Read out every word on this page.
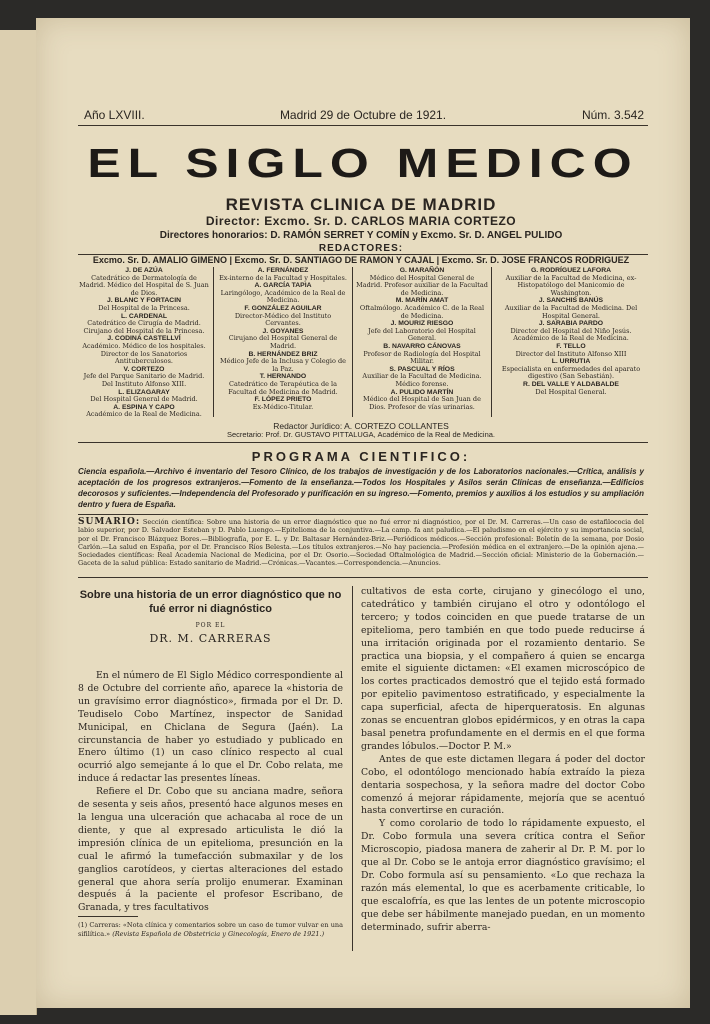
Año LXVIII.	Madrid 29 de Octubre de 1921.	Núm. 3.542
EL SIGLO MEDICO
REVISTA CLINICA DE MADRID
Director: Excmo. Sr. D. CARLOS MARIA CORTEZO
Directores honorarios: D. RAMÓN SERRET Y COMÍN y Excmo. Sr. D. ANGEL PULIDO
REDACTORES:
Excmo. Sr. D. AMALIO GIMENO | Excmo. Sr. D. SANTIAGO DE RAMON Y CAJAL | Excmo. Sr. D. JOSE FRANCOS RODRIGUEZ
J. DE AZÚA
Catedrático de Dermatología de Madrid. Médico del Hospital de S. Juan de Dios.
J. BLANC Y FORTACIN
Del Hospital de la Princesa.
L. CARDENAL
Catedrático de Cirugía de Madrid. Cirujano del Hospital de la Princesa.
J. CODINA CASTELLVÍ
Académico. Médico de los hospitales. Director de los Sanatorios Antituberculosos.
V. CORTEZO
Jefe del Parque Sanitario de Madrid. Del Instituto Alfonso XIII.
L. ELIZAGARAY
Del Hospital General de Madrid.
A. ESPINA Y CAPO
Académico de la Real de Medicina.
A. FERNÁNDEZ
Ex-interno de la Facultad y Hospitales.
A. GARCÍA TAPIA
Laringólogo, Académico de la Real de Medicina.
F. GONZÁLEZ AGUILAR
Director-Médico del Instituto Cervantes.
J. GOYANES
Cirujano del Hospital General de Madrid.
B. HERNÁNDEZ BRIZ
Médico Jefe de la Inclusa y Colegio de la Paz.
T. HERNANDO
Catedrático de Terapéutica de la Facultad de Medicina de Madrid.
F. LÓPEZ PRIETO
Ex-Médico-Titular.
G. MARAÑÓN
Médico del Hospital General de Madrid. Profesor auxiliar de la Facultad de Medicina.
M. MARÍN AMAT
Oftalmólogo. Académico C. de la Real de Medicina.
J. MOURIZ RIESGO
Jefe del Laboratorio del Hospital General.
B. NAVARRO CÁNOVAS
Profesor de Radiología del Hospital Militar.
S. PASCUAL Y RÍOS
Auxiliar de la Facultad de Medicina. Médico forense.
A. PULIDO MARTÍN
Médico del Hospital de San Juan de Dios. Profesor de vías urinarias.
G. RODRÍGUEZ LAFORA
Auxiliar de la Facultad de Medicina, ex-Histopatólogo del Manicomio de Washington.
J. SANCHIS BANÚS
Auxiliar de la Facultad de Medicina. Del Hospital General.
J. SARABIA PARDO
Director del Hospital del Niño Jesús. Académico de la Real de Medicina.
F. TELLO
Director del Instituto Alfonso XIII
L. URRUTIA
Especialista en enfermedades del aparato digestivo (San Sebastián).
R. DEL VALLE Y ALDABALDE
Del Hospital General.
Redactor Jurídico: A. CORTEZO COLLANTES
Secretario: Prof. Dr. GUSTAVO PITTALUGA, Académico de la Real de Medicina.
PROGRAMA CIENTIFICO:
Ciencia española.—Archivo é inventario del Tesoro Clínico, de los trabajos de investigación y de los Laboratorios nacionales.—Crítica, análisis y aceptación de los progresos extranjeros.—Fomento de la enseñanza.—Todos los Hospitales y Asilos serán Clínicas de enseñanza.—Edificios decorosos y suficientes.—Independencia del Profesorado y purificación en su ingreso.—Fomento, premios y auxilios á los estudios y su ampliación dentro y fuera de España.
SUMARIO: Sección científica: Sobre una historia de un error diagnóstico que no fué error ni diagnóstico, por el Dr. M. Carreras.—Un caso de estafilococia del labio superior, por D. Salvador Esteban y D. Pablo Luengo.—Epitelioma de la conjuntiva.—La camp. fa ant paludica.—El paludismo en el ejército y su importancia social, por el Dr. Francisco Blázquez Bores.—Bibliografía, por E. L. y Dr. Baltasar Hernández-Briz.—Periódicos médicos.—Sección profesional: Boletín de la semana, por Dosio Carlón.—La salud en España, por el Dr. Francisco Ríos Belesta.—Los títulos extranjeros.—No hay paciencia.—Profesión médica en el extranjero.—De la opinión ajena.—Sociedades científicas: Real Academia Nacional de Medicina, por el Dr. Osorio.—Sociedad Oftalmológica de Madrid.—Sección oficial: Ministerio de la Gobernación.—Gaceta de la salud pública: Estado sanitario de Madrid.—Crónicas.—Vacantes.—Correspondencia.—Anuncios.
Sobre una historia de un error diagnóstico que no fué error ni diagnóstico
POR EL
DR. M. CARRERAS

En el número de El Siglo Médico correspondiente al 8 de Octubre del corriente año, aparece la «historia de un gravísimo error diagnóstico», firmada por el Dr. D. Teudiselo Cobo Martínez, inspector de Sanidad Municipal, en Chiclana de Segura (Jaén). La circunstancia de haber yo estudiado y publicado en Enero último (1) un caso clínico respecto al cual ocurrió algo semejante á lo que el Dr. Cobo relata, me induce á redactar las presentes líneas.

Refiere el Dr. Cobo que su anciana madre, señora de sesenta y seis años, presentó hace algunos meses en la lengua una ulceración que achacaba al roce de un diente, y que al expresado articulista le dió la impresión clínica de un epitelioma, presunción en la cual le afirmó la tumefacción submaxilar y de los ganglios carotídeos, y ciertas alteraciones del estado general que ahora sería prolijo enumerar. Examinan después á la paciente el profesor Escribano, de Granada, y tres facultativos

cultativos de esta corte, cirujano y ginecólogo el uno, catedrático y también cirujano el otro y odontólogo el tercero; y todos coinciden en que puede tratarse de un epitelioma, pero también en que todo puede reducirse á una irritación originada por el rozamiento dentario. Se practica una biopsia, y el compañero á quien se encarga emite el siguiente dictamen: «El examen microscópico de los cortes practicados demostró que el tejido está formado por epitelio pavimentoso estratificado, y especialmente la capa superficial, afecta de hiperqueratosis. En algunas zonas se encuentran globos epidérmicos, y en otras la capa basal penetra profundamente en el dermis en el que forma grandes lóbulos.—Doctor P. M.»

Antes de que este dictamen llegara á poder del doctor Cobo, el odontólogo mencionado había extraído la pieza dentaria sospechosa, y la señora madre del doctor Cobo comenzó á mejorar rápidamente, mejoría que se acentuó hasta convertirse en curación.

Y como corolario de todo lo rápidamente expuesto, el Dr. Cobo formula una severa crítica contra el Señor Microscopio, piadosa manera de zaherir al Dr. P. M. por lo que al Dr. Cobo se le antoja error diagnóstico gravísimo; el Dr. Cobo formula así su pensamiento. «Lo que rechaza la razón más elemental, lo que es acerbamente criticable, lo que escalofría, es que las lentes de un potente microscopio que debe ser hábilmente manejado puedan, en un momento determinado, sufrir aberra-

(1) Carreras: «Nota clínica y comentarios sobre un caso de tumor vulvar en una sifilítica.» (Revista Española de Obstetricia y Ginecología, Enero de 1921.)
